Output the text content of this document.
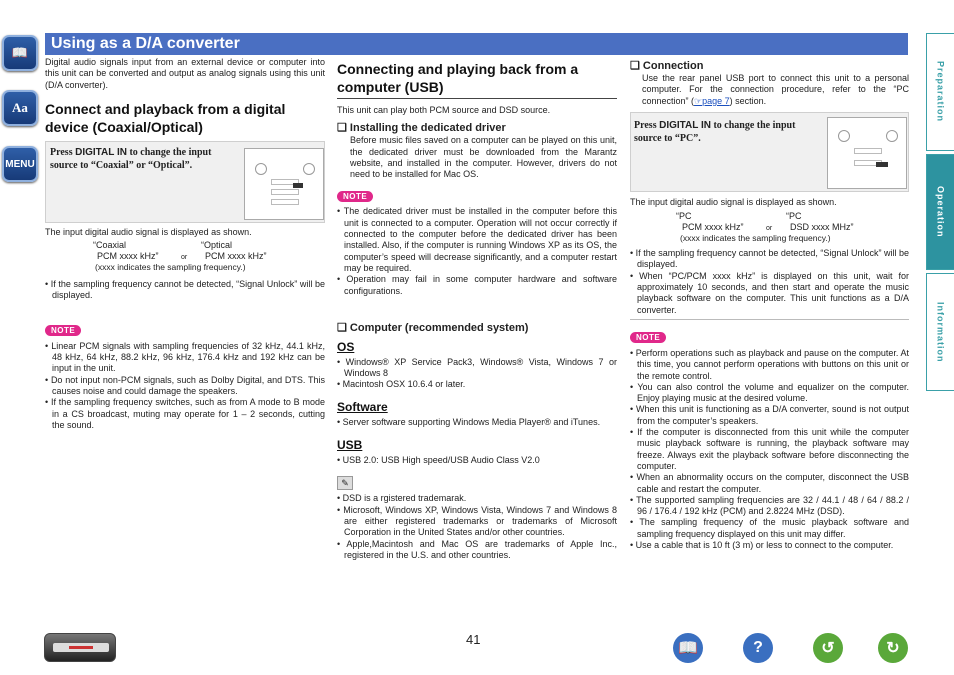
📖
Aa
MENU
Using as a D/A converter
Preparation
Operation
Information
Digital audio signals input from an external device or computer into this unit can be converted and output as analog signals using this unit (D/A converter).
Connect and playback from a digital device (Coaxial/Optical)
Press DIGITAL IN to change the input source to “Coaxial” or “Optical”.
The input digital audio signal is displayed as shown.
“Coaxial	“Optical
PCM xxxx kHz”	or PCM xxxx kHz”
(xxxx indicates the sampling frequency.)
• If the sampling frequency cannot be detected, “Signal Unlock” will be displayed.
NOTE
• Linear PCM signals with sampling frequencies of 32 kHz, 44.1 kHz, 48 kHz, 64 kHz, 88.2 kHz, 96 kHz, 176.4 kHz and 192 kHz can be input in the unit.
• Do not input non-PCM signals, such as Dolby Digital, and DTS. This causes noise and could damage the speakers.
• If the sampling frequency switches, such as from A mode to B mode in a CS broadcast, muting may operate for 1 – 2 seconds, cutting the sound.
Connecting and playing back from a computer (USB)
This unit can play both PCM source and DSD source.
❑ Installing the dedicated driver
Before music files saved on a computer can be played on this unit, the dedicated driver must be downloaded from the Marantz website, and installed in the computer. However, drivers do not need to be installed for Mac OS.
NOTE
• The dedicated driver must be installed in the computer before this unit is connected to a computer. Operation will not occur correctly if connected to the computer before the dedicated driver has been installed. Also, if the computer is running Windows XP as its OS, the computer’s speed will decrease significantly, and a computer restart may be required.
• Operation may fail in some computer hardware and software configurations.
❑ Computer (recommended system)
OS
• Windows® XP Service Pack3, Windows® Vista, Windows 7 or Windows 8
• Macintosh OSX 10.6.4 or later.
Software
• Server software supporting Windows Media Player® and iTunes.
USB
• USB 2.0: USB High speed/USB Audio Class V2.0
✎
• DSD is a rgistered trademarak.
• Microsoft, Windows XP, Windows Vista, Windows 7 and Windows 8 are either registered trademarks or trademarks of Microsoft Corporation in the United States and/or other countries.
• Apple,Macintosh and Mac OS are trademarks of Apple Inc., registered in the U.S. and other countries.
❑ Connection
Use the rear panel USB port to connect this unit to a personal computer. For the connection procedure, refer to the “PC connection” (☞page 7) section.
Press DIGITAL IN to change the input source to “PC”.
The input digital audio signal is displayed as shown.
“PC	“PC
PCM xxxx kHz”	or DSD xxxx MHz”
(xxxx indicates the sampling frequency.)
• If the sampling frequency cannot be detected, “Signal Unlock” will be displayed.
• When “PC/PCM xxxx kHz” is displayed on this unit, wait for approximately 10 seconds, and then start and operate the music playback software on the computer. This unit functions as a D/A converter.
NOTE
• Perform operations such as playback and pause on the computer. At this time, you cannot perform operations with buttons on this unit or the remote control.
• You can also control the volume and equalizer on the computer. Enjoy playing music at the desired volume.
• When this unit is functioning as a D/A converter, sound is not output from the computer’s speakers.
• If the computer is disconnected from this unit while the computer music playback software is running, the playback software may freeze. Always exit the playback software before disconnecting the computer.
• When an abnormality occurs on the computer, disconnect the USB cable and restart the computer.
• The supported sampling frequencies are 32 / 44.1 / 48 / 64 / 88.2 / 96 / 176.4 / 192 kHz (PCM) and 2.8224 MHz (DSD).
• The sampling frequency of the music playback software and sampling frequency displayed on this unit may differ.
• Use a cable that is 10 ft (3 m) or less to connect to the computer.
41
📖	?	↺	↻
